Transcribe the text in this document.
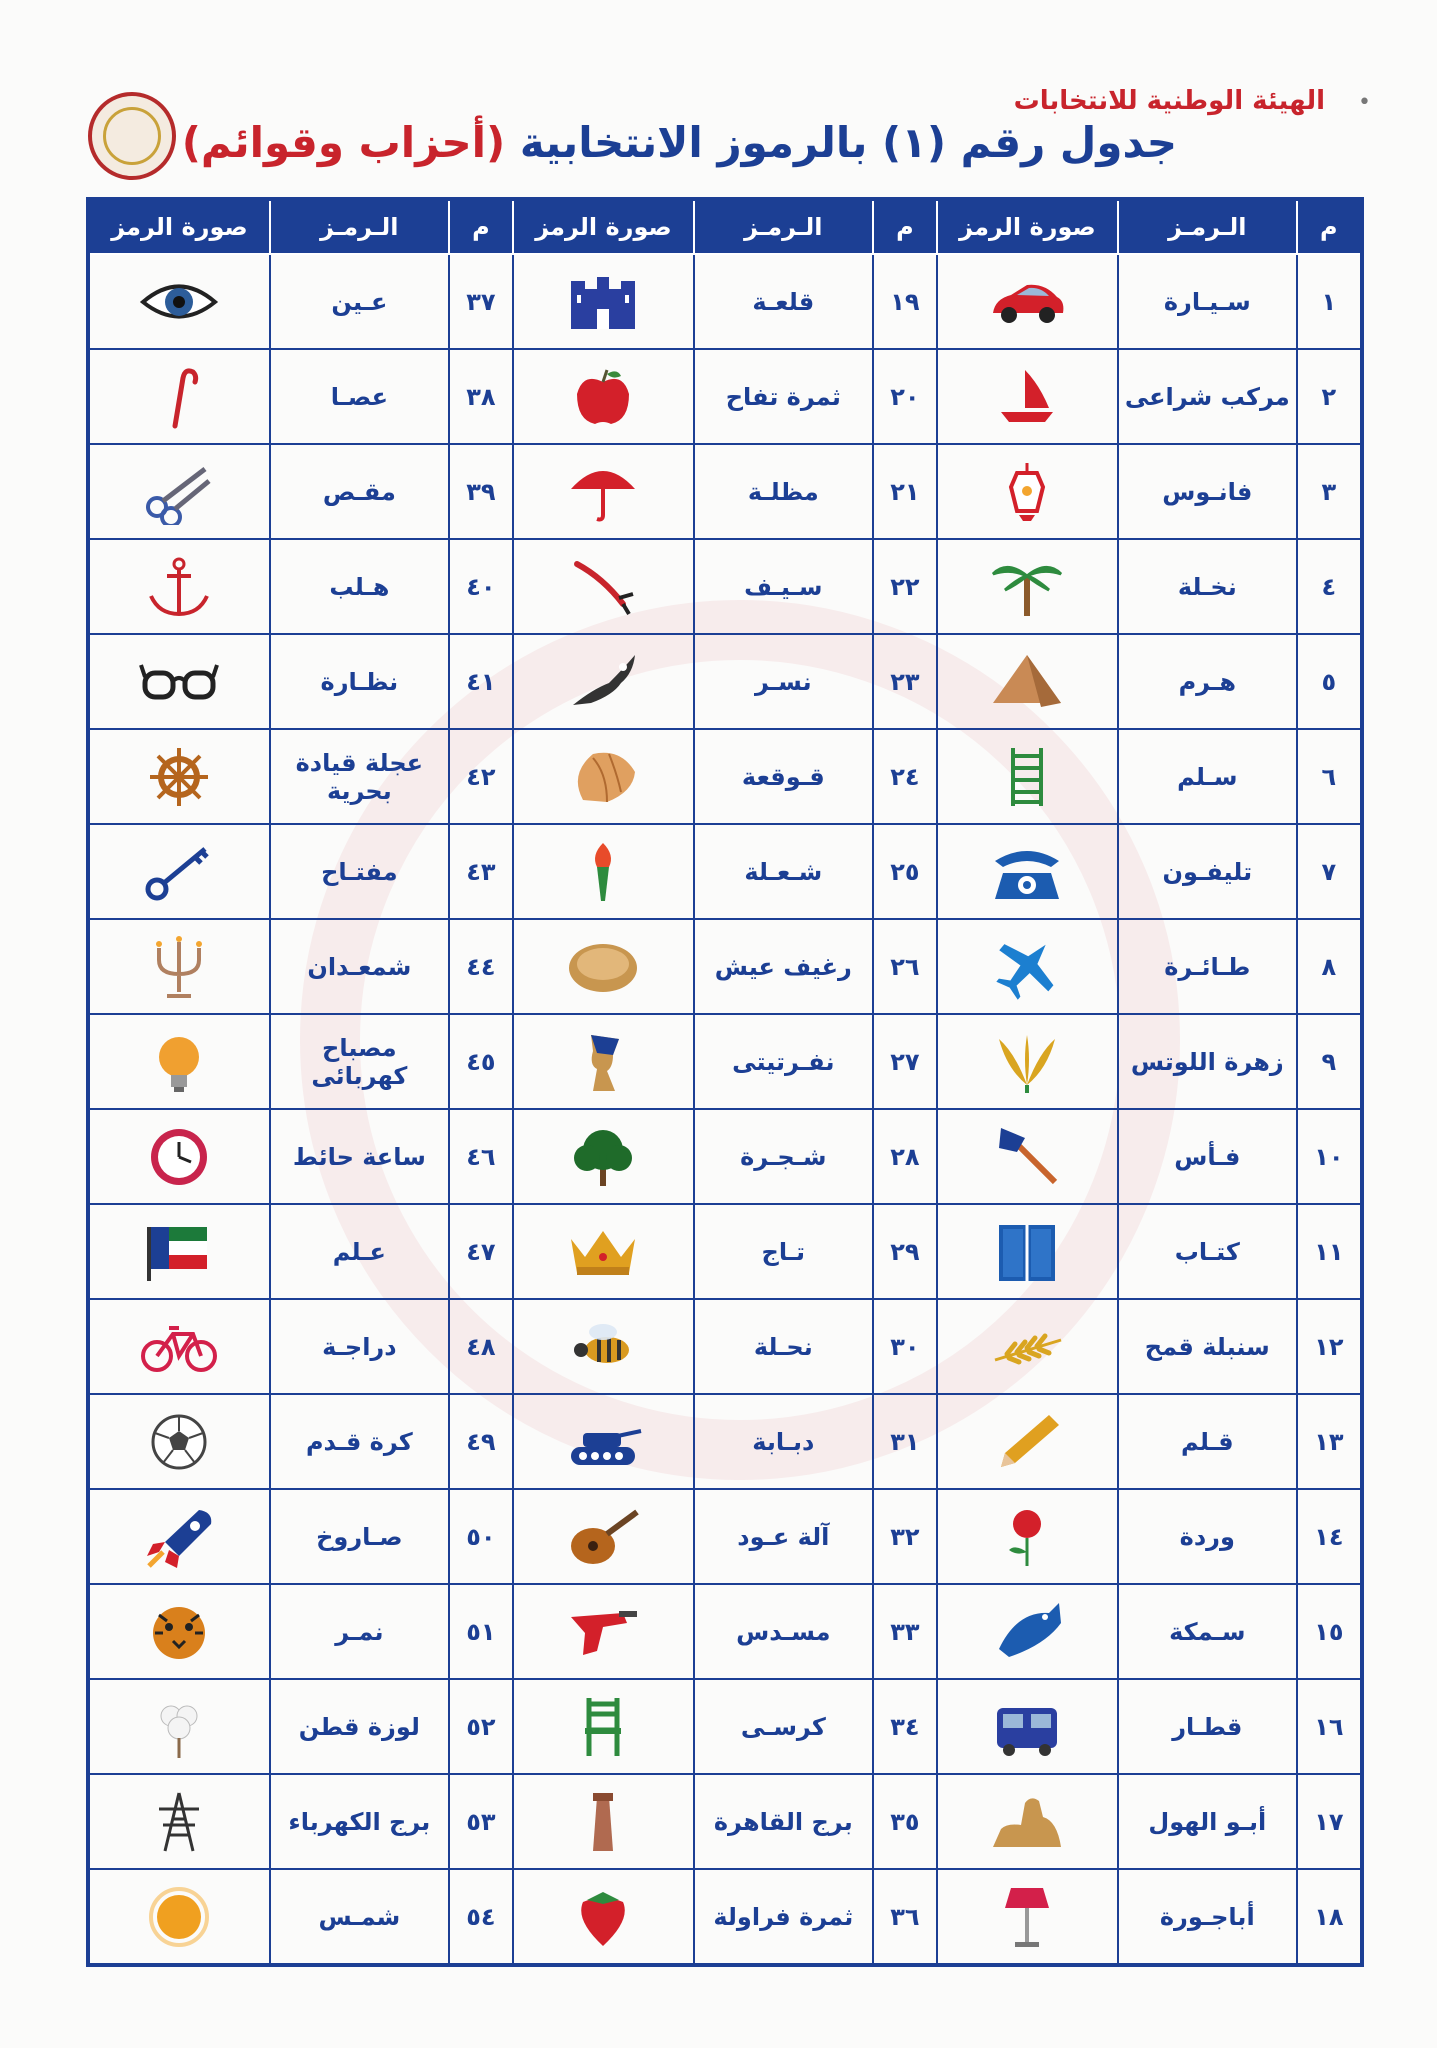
•
الهيئة الوطنية للانتخابات
جدول رقم (١) بالرموز الانتخابية (أحزاب وقوائم)
م	الـرمـز	صورة الرمز	م	الـرمـز	صورة الرمز	م	الـرمـز	صورة الرمز
١	سـيـارة		١٩	قلعـة		٣٧	عـين	
٢	مركب شراعى		٢٠	ثمرة تفاح		٣٨	عصـا	
٣	فانـوس		٢١	مظلـة		٣٩	مقـص	
٤	نخـلة		٢٢	سـيـف		٤٠	هـلب	
٥	هـرم		٢٣	نسـر		٤١	نظـارة	
٦	سـلم		٢٤	قـوقعة		٤٢	عجلة قيادة بحرية	
٧	تليفـون		٢٥	شـعـلة		٤٣	مفتـاح	
٨	طـائـرة		٢٦	رغيف عيش		٤٤	شمعـدان	
٩	زهرة اللوتس		٢٧	نفـرتيتى		٤٥	مصباح كهربائى	
١٠	فـأس		٢٨	شـجـرة		٤٦	ساعة حائط	
١١	كتـاب		٢٩	تـاج		٤٧	عـلم	
١٢	سنبلة قمح		٣٠	نحـلة		٤٨	دراجـة	
١٣	قـلم		٣١	دبـابة		٤٩	كرة قـدم	
١٤	وردة		٣٢	آلة عـود		٥٠	صـاروخ	
١٥	سـمكة		٣٣	مسـدس		٥١	نمـر	
١٦	قطـار		٣٤	كرسـى		٥٢	لوزة قطن	
١٧	أبـو الهول		٣٥	برج القاهرة		٥٣	برج الكهرباء	
١٨	أباجـورة		٣٦	ثمرة فراولة		٥٤	شمـس	
